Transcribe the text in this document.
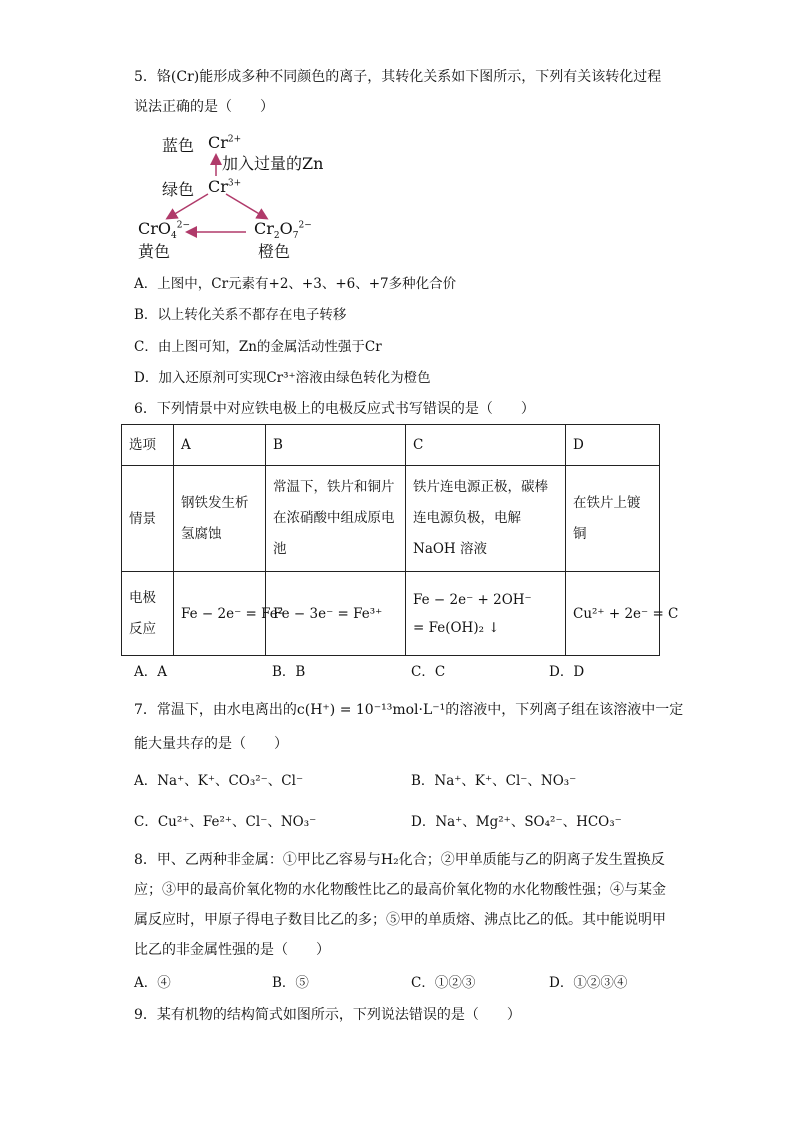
5．铬(Cr)能形成多种不同颜色的离子，其转化关系如下图所示，下列有关该转化过程
说法正确的是（　　）
蓝色 $Cr^{2+}$
加入过量的Zn
绿色 $Cr^{3+}$
CrO$_4^{2-}$
黄色
$Cr_2O_7^{2-}$
橙色
A．上图中，Cr元素有+2、+3、+6、+7多种化合价
B．以上转化关系不都存在电子转移
C．由上图可知，Zn的金属活动性强于Cr
D．加入还原剂可实现Cr³⁺溶液由绿色转化为橙色
6．下列情景中对应铁电极上的电极反应式书写错误的是（　　）
选项	A	B	C	D
情景	钢铁发生析氢腐蚀	常温下，铁片和铜片在浓硝酸中组成原电池	铁片连电源正极，碳棒连电源负极，电解 NaOH 溶液	在铁片上镀铜
电极反应	Fe − 2e⁻ = Fe²	Fe − 3e⁻ = Fe³⁺	Fe − 2e⁻ + 2OH⁻
= Fe(OH)₂ ↓	Cu²⁺ + 2e⁻ = C
A．A	B．B	C．C	D．D
7．常温下，由水电离出的c(H⁺) = 10⁻¹³mol·L⁻¹的溶液中，下列离子组在该溶液中一定
能大量共存的是（　　）
A．Na⁺、K⁺、CO₃²⁻、Cl⁻	B．Na⁺、K⁺、Cl⁻、NO₃⁻
C．Cu²⁺、Fe²⁺、Cl⁻、NO₃⁻	D．Na⁺、Mg²⁺、SO₄²⁻、HCO₃⁻
8．甲、乙两种非金属：①甲比乙容易与H₂化合；②甲单质能与乙的阴离子发生置换反
应；③甲的最高价氧化物的水化物酸性比乙的最高价氧化物的水化物酸性强；④与某金
属反应时，甲原子得电子数目比乙的多；⑤甲的单质熔、沸点比乙的低。其中能说明甲
比乙的非金属性强的是（　　）
A．④	B．⑤	C．①②③	D．①②③④
9．某有机物的结构简式如图所示，下列说法错误的是（　　）
